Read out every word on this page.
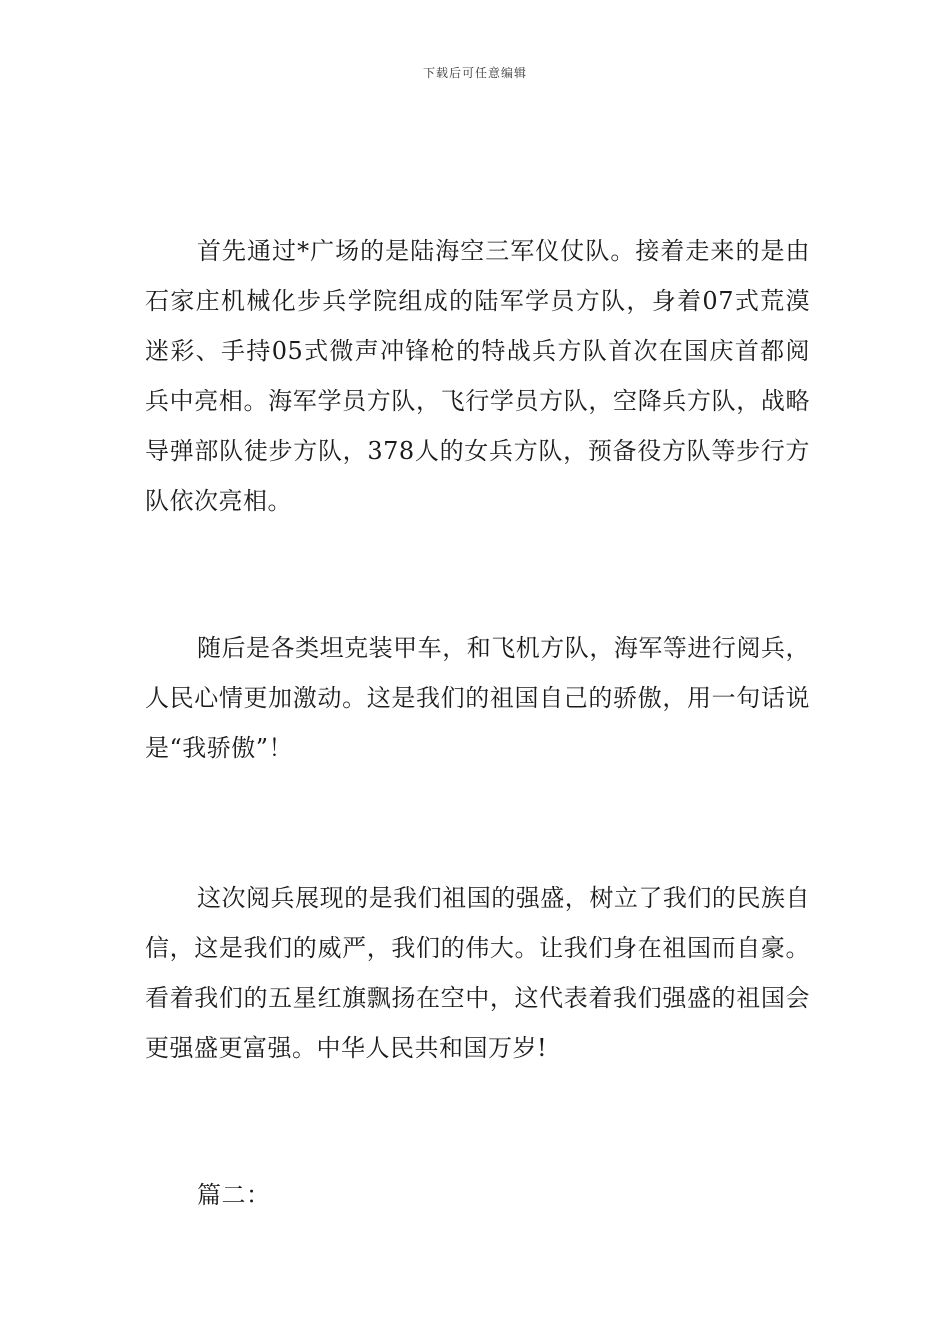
下载后可任意编辑

首先通过*广场的是陆海空三军仪仗队。接着走来的是由石家庄机械化步兵学院组成的陆军学员方队，身着07式荒漠迷彩、手持05式微声冲锋枪的特战兵方队首次在国庆首都阅兵中亮相。海军学员方队，飞行学员方队，空降兵方队，战略导弹部队徒步方队，378人的女兵方队，预备役方队等步行方队依次亮相。

随后是各类坦克装甲车，和飞机方队，海军等进行阅兵，人民心情更加激动。这是我们的祖国自己的骄傲，用一句话说是“我骄傲”！

这次阅兵展现的是我们祖国的强盛，树立了我们的民族自信，这是我们的威严，我们的伟大。让我们身在祖国而自豪。看着我们的五星红旗飘扬在空中，这代表着我们强盛的祖国会更强盛更富强。中华人民共和国万岁!

篇二：
